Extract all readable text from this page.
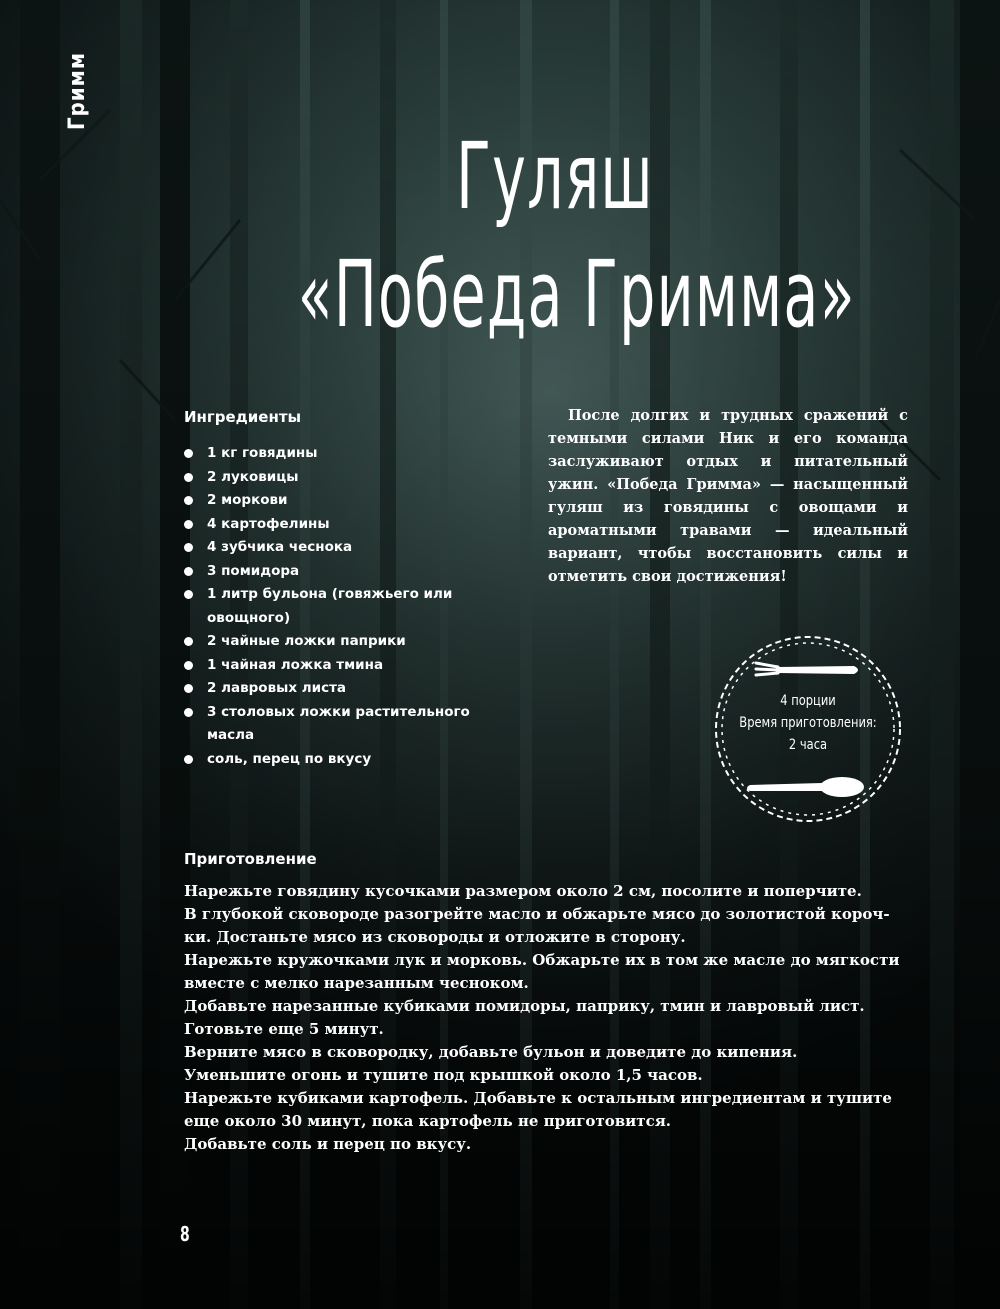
Гримм
Гуляш
«Победа Гримма»
Ингредиенты
1 кг говядины
2 луковицы
2 моркови
4 картофелины
4 зубчика чеснока
3 помидора
1 литр бульона (говяжьего или овощного)
2 чайные ложки паприки
1 чайная ложка тмина
2 лавровых листа
3 столовых ложки растительного масла
соль, перец по вкусу

После долгих и трудных сражений с темными силами Ник и его команда заслуживают отдых и питательный ужин. «Победа Гримма» — насыщенный гуляш из говядины с овощами и ароматными травами — идеальный вариант, чтобы восстановить силы и отметить свои достижения!

4 порции
Время приготовления:
2 часа
Приготовление
Нарежьте говядину кусочками размером около 2 см, посолите и поперчите.
В глубокой сковороде разогрейте масло и обжарьте мясо до золотистой короч-
ки. Достаньте мясо из сковороды и отложите в сторону.
Нарежьте кружочками лук и морковь. Обжарьте их в том же масле до мягкости
вместе с мелко нарезанным чесноком.
Добавьте нарезанные кубиками помидоры, паприку, тмин и лавровый лист.
Готовьте еще 5 минут.
Верните мясо в сковородку, добавьте бульон и доведите до кипения.
Уменьшите огонь и тушите под крышкой около 1,5 часов.
Нарежьте кубиками картофель. Добавьте к остальным ингредиентам и тушите
еще около 30 минут, пока картофель не приготовится.
Добавьте соль и перец по вкусу.
8
